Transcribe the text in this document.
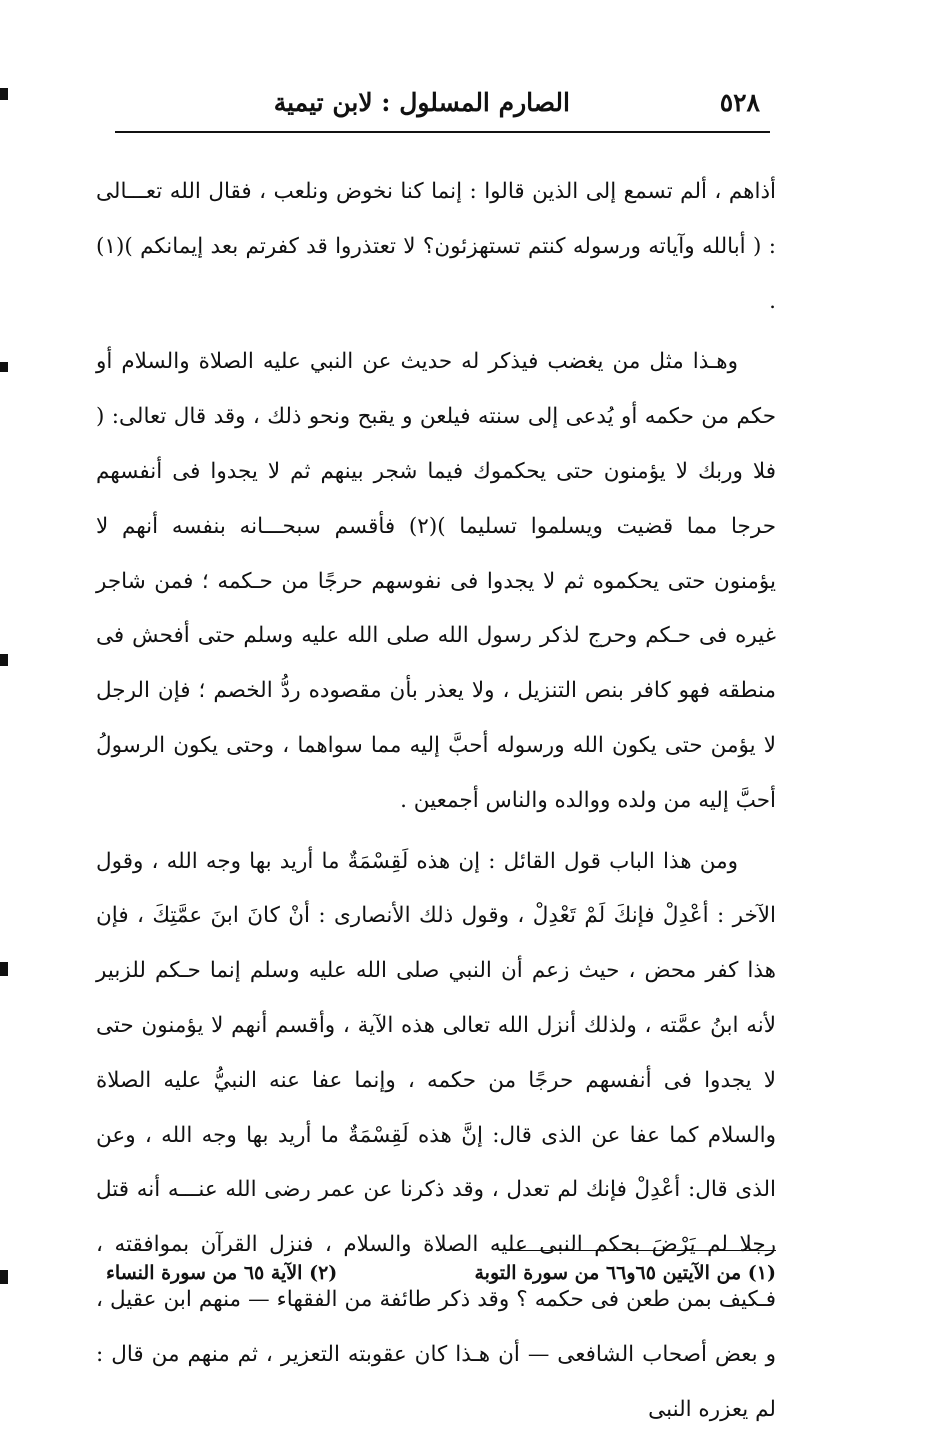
٥٢٨
الصارم المسلول : لابن تيمية

أذاهم ، ألم تسمع إلى الذين قالوا : إنما كنا نخوض ونلعب ، فقال الله تعـــالى : ( أبالله وآياته ورسوله كنتم تستهزئون؟ لا تعتذروا قد كفرتم بعد إيمانكم )(١) .

وهـذا مثل من يغضب فيذكر له حديث عن النبي عليه الصلاة والسلام أو حكم من حكمه أو يُدعى إلى سنته فيلعن و يقبح ونحو ذلك ، وقد قال تعالى: ( فلا وربك لا يؤمنون حتى يحكموك فيما شجر بينهم ثم لا يجدوا فى أنفسهم حرجا مما قضيت ويسلموا تسليما )(٢) فأقسم سبحـــانه بنفسه أنهم لا يؤمنون حتى يحكموه ثم لا يجدوا فى نفوسهم حرجًا من حـكمه ؛ فمن شاجر غيره فى حـكم وحرج لذكر رسول الله صلى الله عليه وسلم حتى أفحش فى منطقه فهو كافر بنص التنزيل ، ولا يعذر بأن مقصوده ردُّ الخصم ؛ فإن الرجل لا يؤمن حتى يكون الله ورسوله أحبَّ إليه مما سواهما ، وحتى يكون الرسولُ أحبَّ إليه من ولده ووالده والناس أجمعين .

ومن هذا الباب قول القائل : إن هذه لَقِسْمَةٌ ما أريد بها وجه الله ، وقول الآخر : أعْدِلْ فإنكَ لَمْ تَعْدِلْ ، وقول ذلك الأنصارى : أنْ كانَ ابنَ عمَّتِكَ ، فإن هذا كفر محض ، حيث زعم أن النبي صلى الله عليه وسلم إنما حـكم للزبير لأنه ابنُ عمَّته ، ولذلك أنزل الله تعالى هذه الآية ، وأقسم أنهم لا يؤمنون حتى لا يجدوا فى أنفسهم حرجًا من حكمه ، وإنما عفا عنه النبيُّ عليه الصلاة والسلام كما عفا عن الذى قال: إنَّ هذه لَقِسْمَةٌ ما أريد بها وجه الله ، وعن الذى قال: أعْدِلْ فإنك لم تعدل ، وقد ذكرنا عن عمر رضى الله عنـــه أنه قتل رجلا لم يَرْضَ بحكم النبى عليه الصلاة والسلام ، فنزل القرآن بموافقته ، فـكيف بمن طعن فى حكمه ؟ وقد ذكر طائفة من الفقهاء — منهم ابن عقيل ، و بعض أصحاب الشافعى — أن هـذا كان عقوبته التعزير ، ثم منهم من قال : لم يعزره النبى

(١) من الآيتين ٦٥و٦٦ من سورة التوبة
(٢) الآية ٦٥ من سورة النساء
